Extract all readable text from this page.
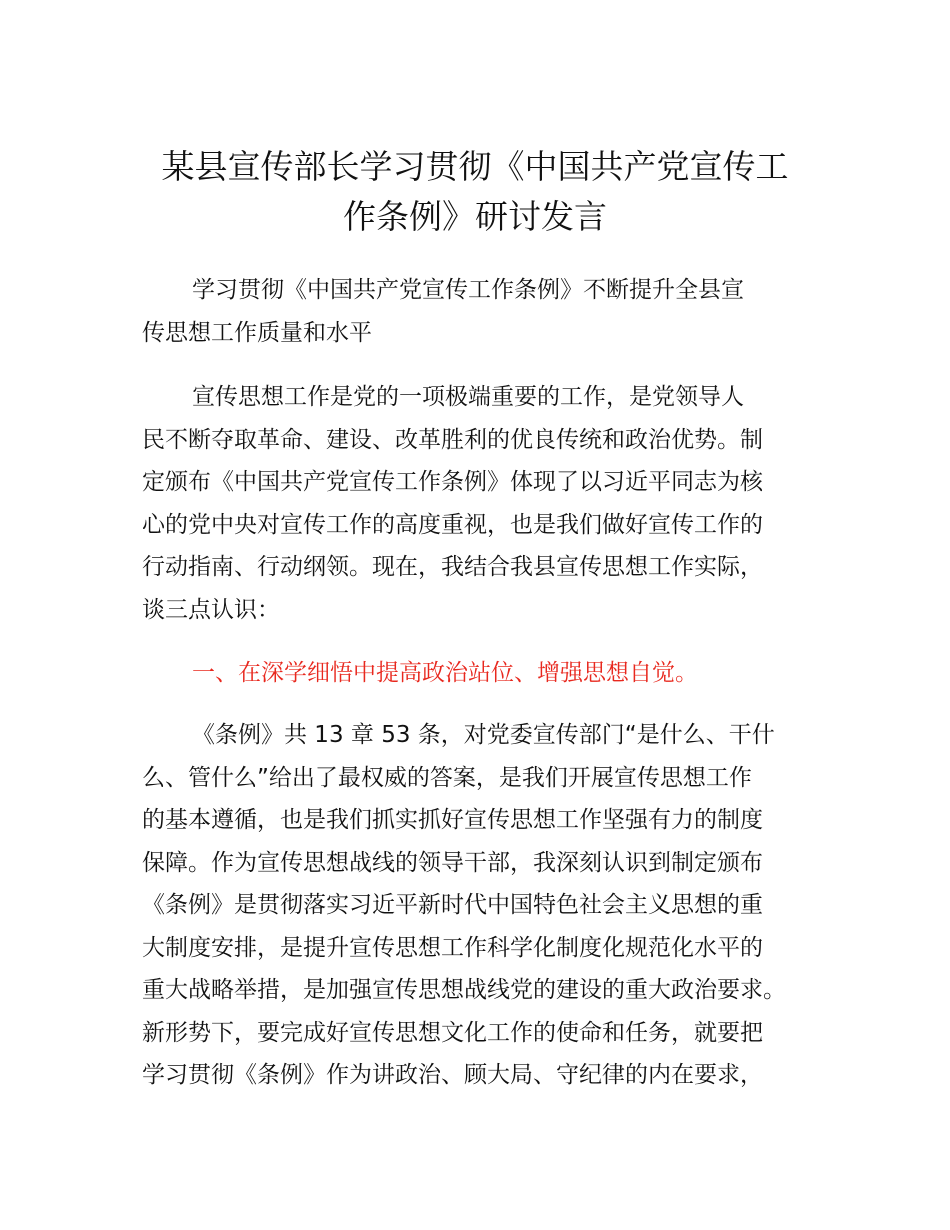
某县宣传部长学习贯彻《中国共产党宣传工
作条例》研讨发言
学习贯彻《中国共产党宣传工作条例》不断提升全县宣
传思想工作质量和水平
宣传思想工作是党的一项极端重要的工作，是党领导人
民不断夺取革命、建设、改革胜利的优良传统和政治优势。制
定颁布《中国共产党宣传工作条例》体现了以习近平同志为核
心的党中央对宣传工作的高度重视，也是我们做好宣传工作的
行动指南、行动纲领。现在，我结合我县宣传思想工作实际，
谈三点认识：
一、在深学细悟中提高政治站位、增强思想自觉。
《条例》共 13 章 53 条，对党委宣传部门“是什么、干什
么、管什么”给出了最权威的答案，是我们开展宣传思想工作
的基本遵循，也是我们抓实抓好宣传思想工作坚强有力的制度
保障。作为宣传思想战线的领导干部，我深刻认识到制定颁布
《条例》是贯彻落实习近平新时代中国特色社会主义思想的重
大制度安排，是提升宣传思想工作科学化制度化规范化水平的
重大战略举措，是加强宣传思想战线党的建设的重大政治要求。
新形势下，要完成好宣传思想文化工作的使命和任务，就要把
学习贯彻《条例》作为讲政治、顾大局、守纪律的内在要求，
